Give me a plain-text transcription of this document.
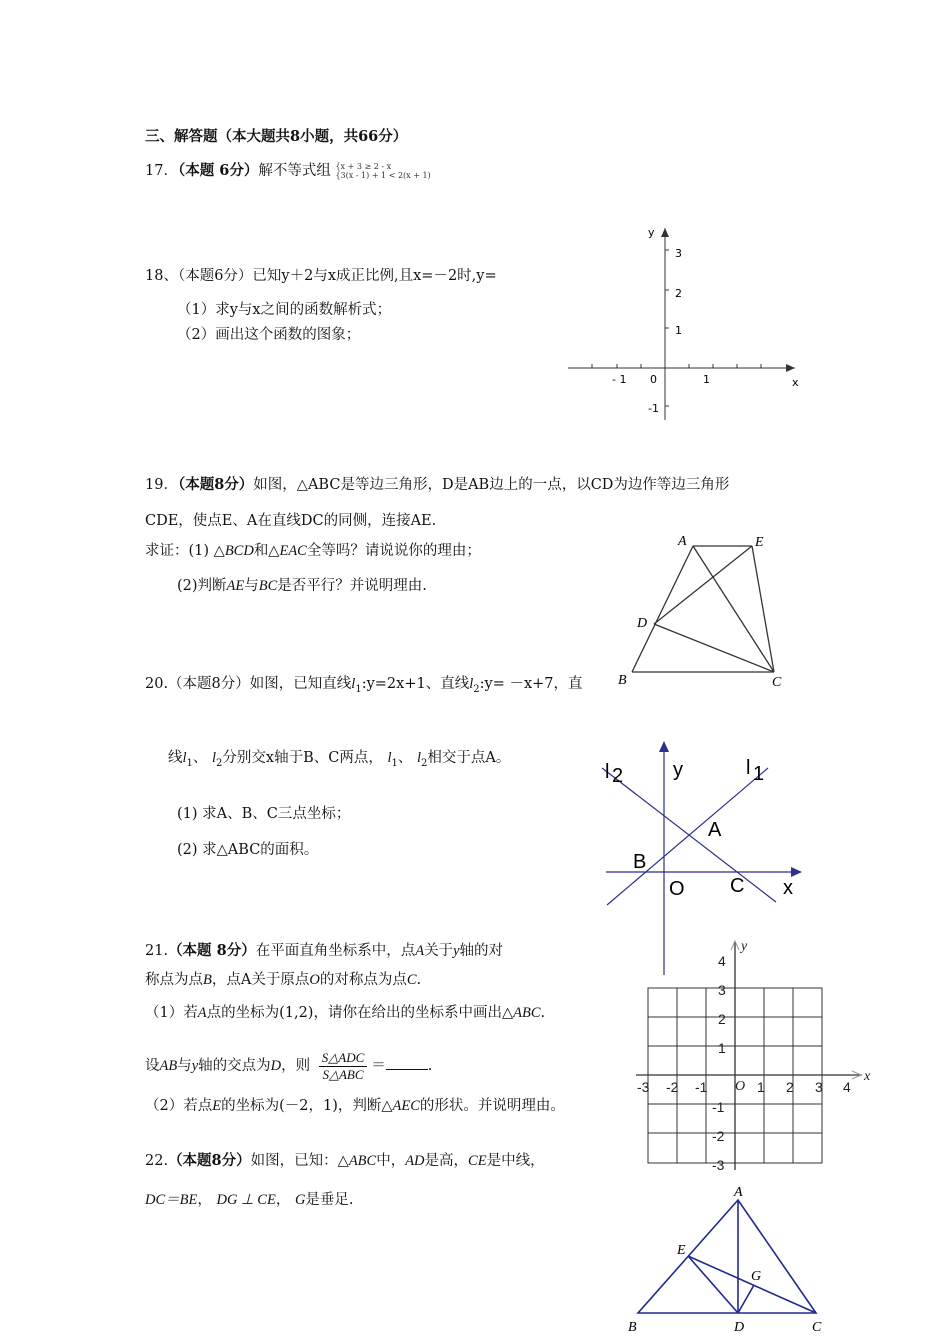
三、解答题（本大题共8小题，共66分）
17．（本题 6分）解不等式组 {x + 3 ≥ 2 - x
{3(x - 1) + 1 < 2(x + 1)
18、（本题6分）已知y＋2与x成正比例,且x=－2时,y=
（1）求y与x之间的函数解析式；
（2）画出这个函数的图象；
y
x
3
2
1
- 1 0	1
-1
19．（本题8分）如图，△ABC是等边三角形，D是AB边上的一点，以CD为边作等边三角形
CDE，使点E、A在直线DC的同侧，连接AE.
求证：(1) △BCD和△EAC全等吗？请说说你的理由；
(2)判断AE与BC是否平行？并说明理由.
A	E
D
B	C
20.（本题8分）如图，已知直线$l_1:y=2x+1$、直线$l_2:y= -x+7$，直
线$l_1$、 $l_2$分别交x轴于B、C两点， $l_1$、 $l_2$相交于点A。
(1) 求A、B、C三点坐标；
(2) 求△ABC的面积。
l 2 y	l 1
A
B
O C x
21.（本题 8分）在平面直角坐标系中，点A关于y轴的对
称点为点B，点A关于原点O的对称点为点C.
（1）若A点的坐标为(1,2)，请你在给出的坐标系中画出△ABC.
设AB与y轴的交点为D，则 $\frac{\text{S△ADC}}{\text{S△ABC}}$ ＝	.
（2）若点E的坐标为(－2，1)，判断△AEC的形状。并说明理由。
y
x
-3 -2 -1 O 1 2 3 4
4
3
2
1
-1
-2
-3
22.（本题8分）如图，已知：△ABC中，AD是高，CE是中线，
DC＝BE， DG ⊥ CE， G是垂足.	A
E
G
B	D	C
